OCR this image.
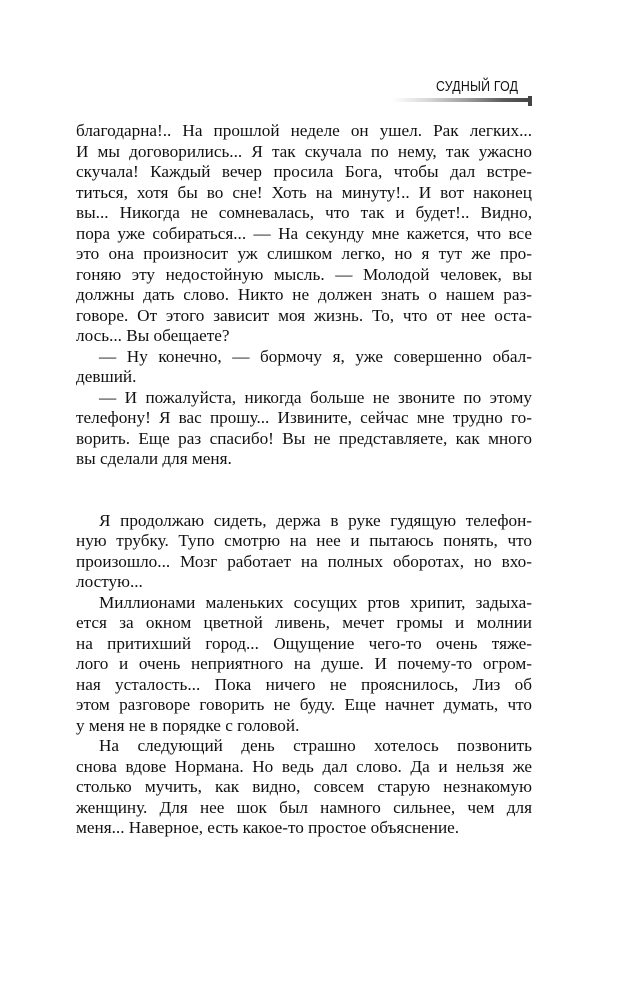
СУДНЫЙ ГОД
благодарна!.. На прошлой неделе он ушел. Рак легких...
И мы договорились... Я так скучала по нему, так ужасно
скучала! Каждый вечер просила Бога, чтобы дал встре-
титься, хотя бы во сне! Хоть на минуту!.. И вот наконец
вы... Никогда не сомневалась, что так и будет!.. Видно,
пора уже собираться... — На секунду мне кажется, что все
это она произносит уж слишком легко, но я тут же про-
гоняю эту недостойную мысль. — Молодой человек, вы
должны дать слово. Никто не должен знать о нашем раз-
говоре. От этого зависит моя жизнь. То, что от нее оста-
лось... Вы обещаете?
— Ну конечно, — бормочу я, уже совершенно обал-
девший.
— И пожалуйста, никогда больше не звоните по этому
телефону! Я вас прошу... Извините, сейчас мне трудно го-
ворить. Еще раз спасибо! Вы не представляете, как много
вы сделали для меня.
Я продолжаю сидеть, держа в руке гудящую телефон-
ную трубку. Тупо смотрю на нее и пытаюсь понять, что
произошло... Мозг работает на полных оборотах, но вхо-
лостую...
Миллионами маленьких сосущих ртов хрипит, задыха-
ется за окном цветной ливень, мечет громы и молнии
на притихший город... Ощущение чего-то очень тяже-
лого и очень неприятного на душе. И почему-то огром-
ная усталость... Пока ничего не прояснилось, Лиз об
этом разговоре говорить не буду. Еще начнет думать, что
у меня не в порядке с головой.
На следующий день страшно хотелось позвонить
снова вдове Нормана. Но ведь дал слово. Да и нельзя же
столько мучить, как видно, совсем старую незнакомую
женщину. Для нее шок был намного сильнее, чем для
меня... Наверное, есть какое-то простое объяснение.
